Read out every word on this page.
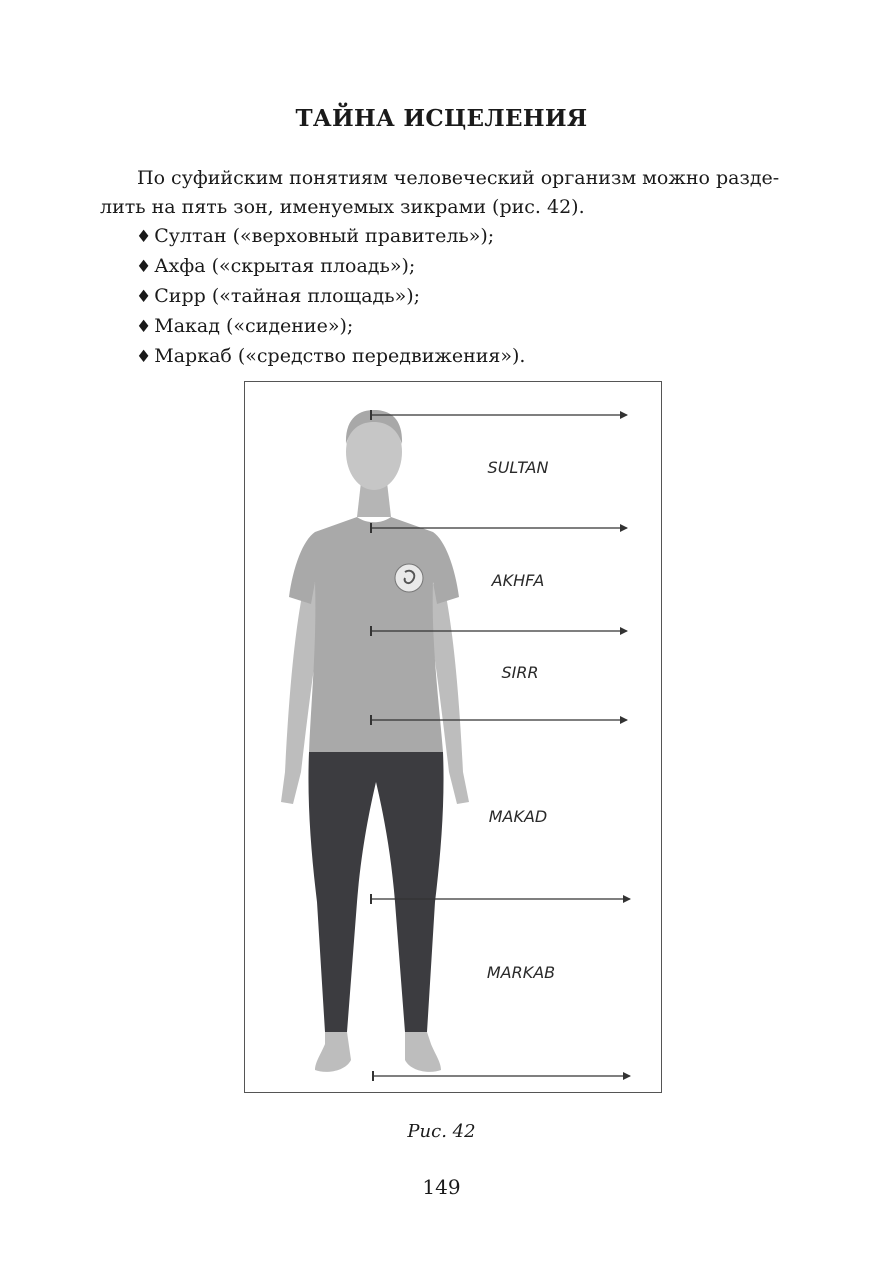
ТАЙНА ИСЦЕЛЕНИЯ
По суфийским понятиям человеческий организм можно разде-
лить на пять зон, именуемых зикрами (рис. 42).
♦ Султан («верховный правитель»);
♦ Ахфа («скрытая плоадь»);
♦ Сирр («тайная площадь»);
♦ Макад («сидение»);
♦ Маркаб («средство передвижения»).
SULTAN
AKHFA
SIRR
MAKAD
MARKAB
Рис. 42
149
